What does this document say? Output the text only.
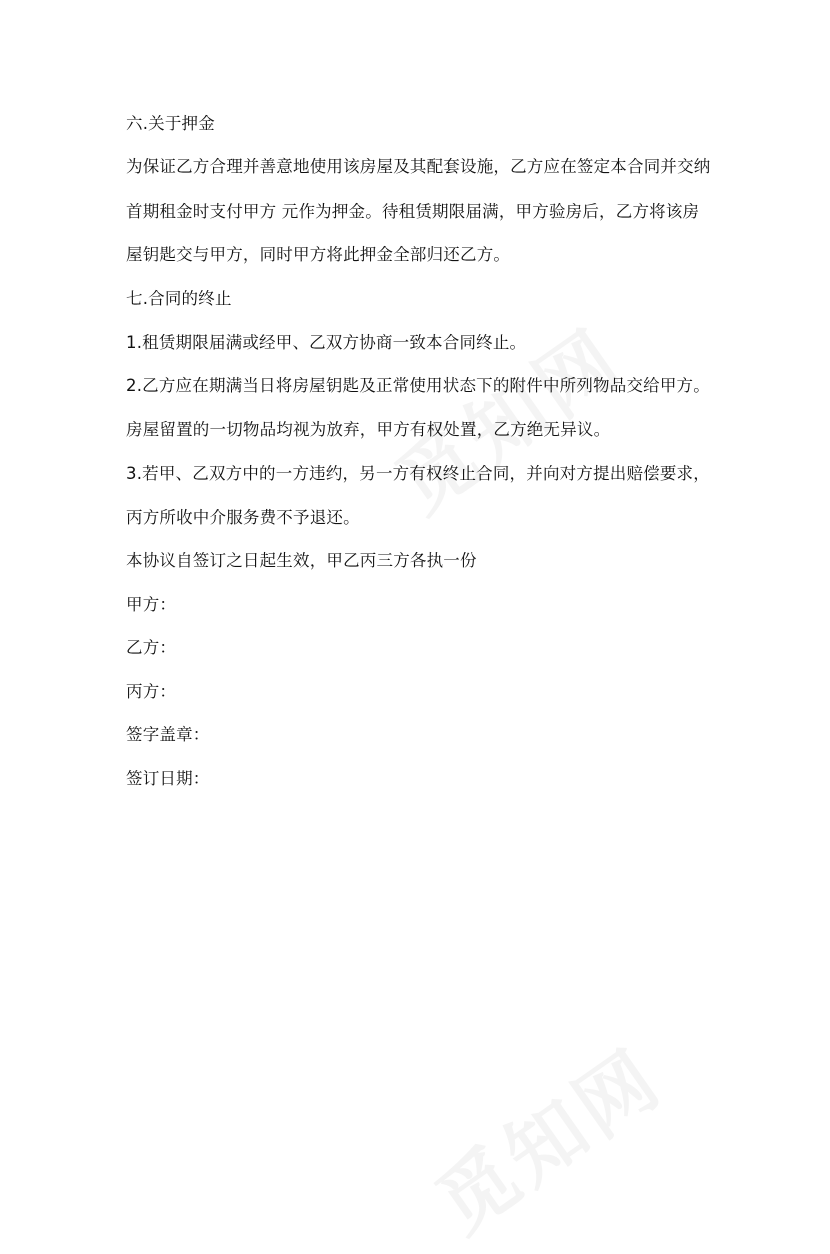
六.关于押金
为保证乙方合理并善意地使用该房屋及其配套设施，乙方应在签定本合同并交纳
首期租金时支付甲方 元作为押金。待租赁期限届满，甲方验房后，乙方将该房
屋钥匙交与甲方，同时甲方将此押金全部归还乙方。
七.合同的终止
1.租赁期限届满或经甲、乙双方协商一致本合同终止。
2.乙方应在期满当日将房屋钥匙及正常使用状态下的附件中所列物品交给甲方。
房屋留置的一切物品均视为放弃，甲方有权处置，乙方绝无异议。
3.若甲、乙双方中的一方违约，另一方有权终止合同，并向对方提出赔偿要求，
丙方所收中介服务费不予退还。
本协议自签订之日起生效，甲乙丙三方各执一份
甲方：
乙方：
丙方：
签字盖章：
签订日期：
